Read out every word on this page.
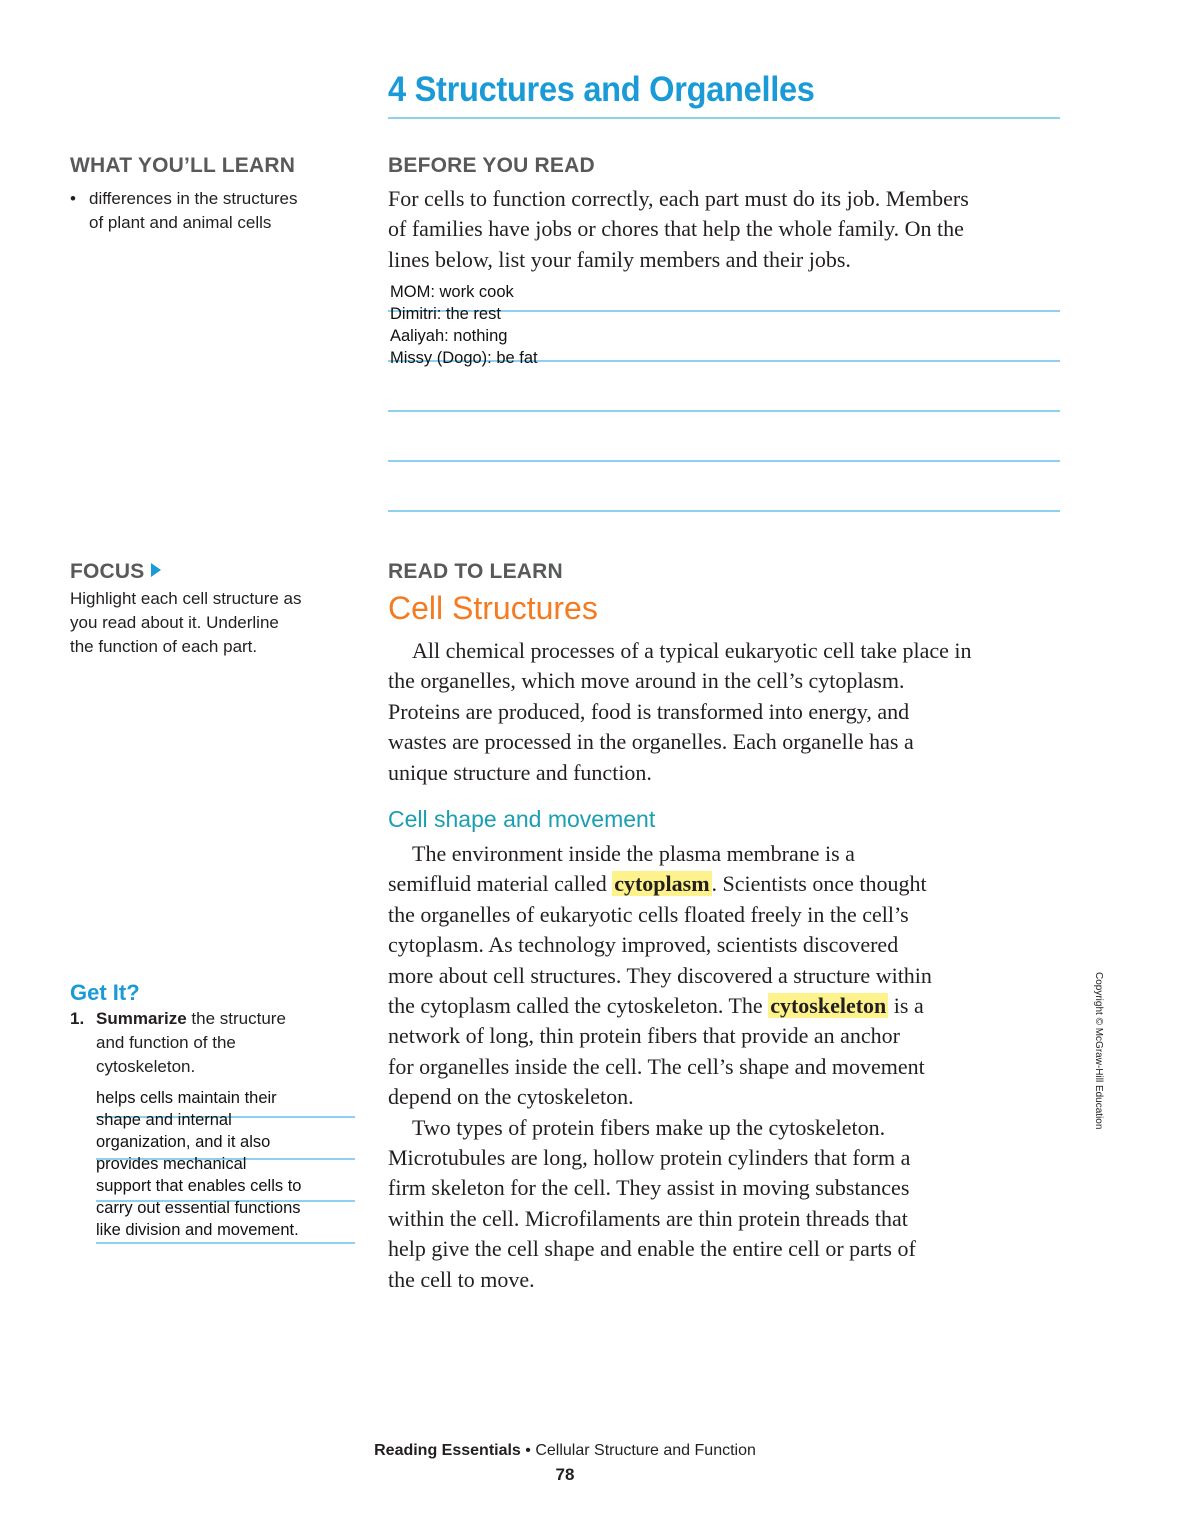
4 Structures and Organelles
WHAT YOU’LL LEARN
• differences in the structures
of plant and animal cells
BEFORE YOU READ
For cells to function correctly, each part must do its job. Members
of families have jobs or chores that help the whole family. On the
lines below, list your family members and their jobs.
MOM: work cook
Dimitri: the rest
Aaliyah: nothing
Missy (Dogo): be fat
FOCUS
Highlight each cell structure as
you read about it. Underline
the function of each part.
READ TO LEARN
Cell Structures
All chemical processes of a typical eukaryotic cell take place in
the organelles, which move around in the cell’s cytoplasm.
Proteins are produced, food is transformed into energy, and
wastes are processed in the organelles. Each organelle has a
unique structure and function.
Cell shape and movement
The environment inside the plasma membrane is a
semifluid material called cytoplasm. Scientists once thought
the organelles of eukaryotic cells floated freely in the cell’s
cytoplasm. As technology improved, scientists discovered
more about cell structures. They discovered a structure within
the cytoplasm called the cytoskeleton. The cytoskeleton is a
network of long, thin protein fibers that provide an anchor
for organelles inside the cell. The cell’s shape and movement
depend on the cytoskeleton.
Two types of protein fibers make up the cytoskeleton.
Microtubules are long, hollow protein cylinders that form a
firm skeleton for the cell. They assist in moving substances
within the cell. Microfilaments are thin protein threads that
help give the cell shape and enable the entire cell or parts of
the cell to move.
Get It?
1. Summarize the structure
and function of the
cytoskeleton.
helps cells maintain their
shape and internal
organization, and it also
provides mechanical
support that enables cells to
carry out essential functions
like division and movement.
Copyright © McGraw-Hill Education
Reading Essentials • Cellular Structure and Function
78
